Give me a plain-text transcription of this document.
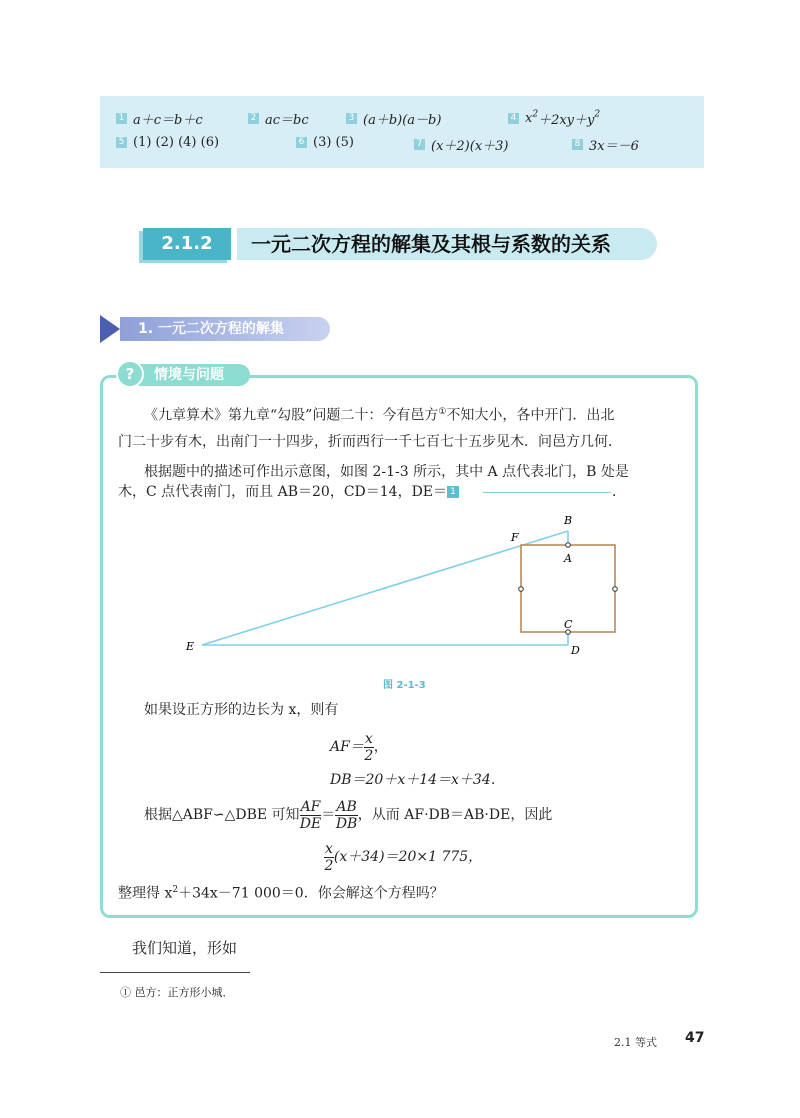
1 a＋c＝b＋c	2 ac＝bc	3 (a＋b)(a－b)	4 $x^2+2xy+y^2$
5 (1) (2) (4) (6)	6 (3) (5)	7 (x＋2)(x＋3)	8 3x＝－6
2.1.2	一元二次方程的解集及其根与系数的关系
1. 一元二次方程的解集
?	情境与问题
《九章算术》第九章“勾股”问题二十：今有邑方①不知大小，各中开门．出北
门二十步有木，出南门一十四步，折而西行一千七百七十五步见木．问邑方几何．
根据题中的描述可作出示意图，如图 2-1-3 所示，其中 A 点代表北门，B 处是
木，C 点代表南门，而且 AB＝20，CD＝14，DE＝ 1	．
B
F
A
C
E	D
图 2-1-3
如果设正方形的边长为 x，则有
$AF= \frac{x}{2}$ ，
DB＝20＋x＋14＝x＋34．
根据△ABF∽△DBE 可知 $\frac{AF}{DE} = \frac{AB}{DB}$ ，从而 AF·DB＝AB·DE，因此
$\frac{x}{2} (x+34)=20\times 1$ 775，
整理得 $x^2+34x-71$ 000＝0．你会解这个方程吗？
我们知道，形如
① 邑方：正方形小城．
2.1 等式 47
